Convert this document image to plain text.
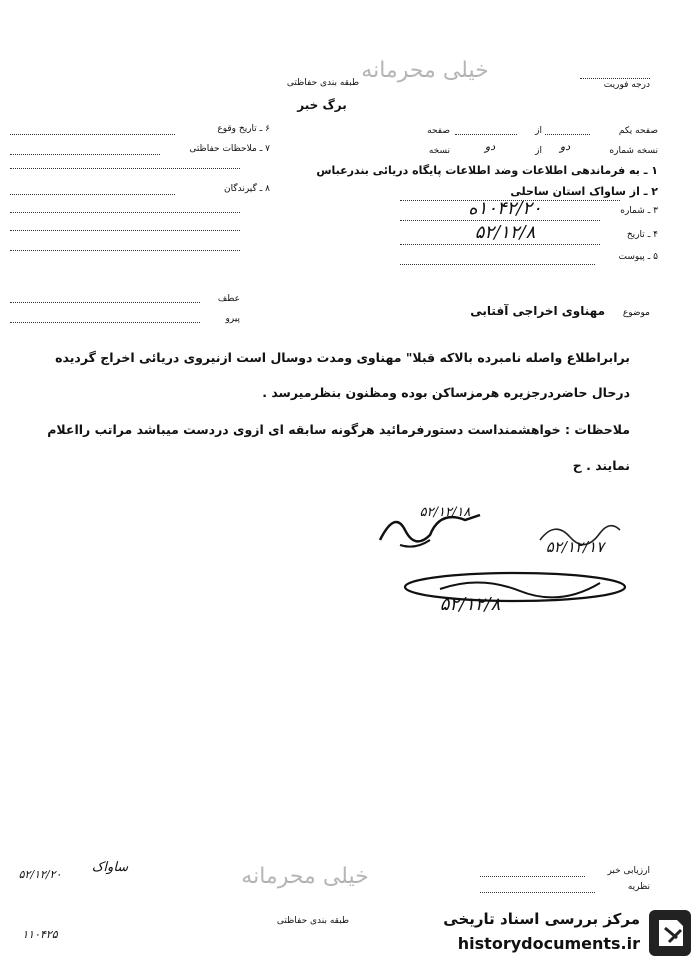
طبقه بندی حفاظتی خیلی محرمانه
برگ خبر
درجه فوریت
صفحه یکم
از
صفحه
نسخه شماره
دو
از
دو
نسخه
۱ ـ به فرماندهی اطلاعات وضد اطلاعات پایگاه دریائی بندرعباس
۲ ـ از ساواک استان ساحلی
۳ ـ شماره
۱۰۴۲/۲۰ه
۴ ـ تاریخ
۵۲/۱۲/۸
۵ ـ پیوست
۶ ـ تاریخ وقوع
۷ ـ ملاحظات حفاظتی
۸ ـ گیرندگان
عطف
پیرو
موضوع
مهناوی اخراجی آفتابی
برابراطلاع واصله نامبرده بالاکه قبلا" مهناوی ومدت دوسال است ازنیروی دریائی اخراج گردیده
درحال حاضردرجزیره هرمزساکن بوده ومظنون بنظرمیرسد .
ملاحظات : خواهشمنداست دستورفرمائید هرگونه سابقه ای ازوی دردست میباشد مراتب رااعلام
نمایند . ح
۵۲/۱۲/۱۸
۵۲/۱۲/۱۷
۵۲/۱۲/۸
ارزیابی خبر
نظریه
خیلی محرمانه
طبقه بندی حفاظتی
۵۲/۱۲/۲۰	ساواک
۱۱۰۴۲۵
مرکز بررسی اسناد تاریخی
historydocuments.ir
